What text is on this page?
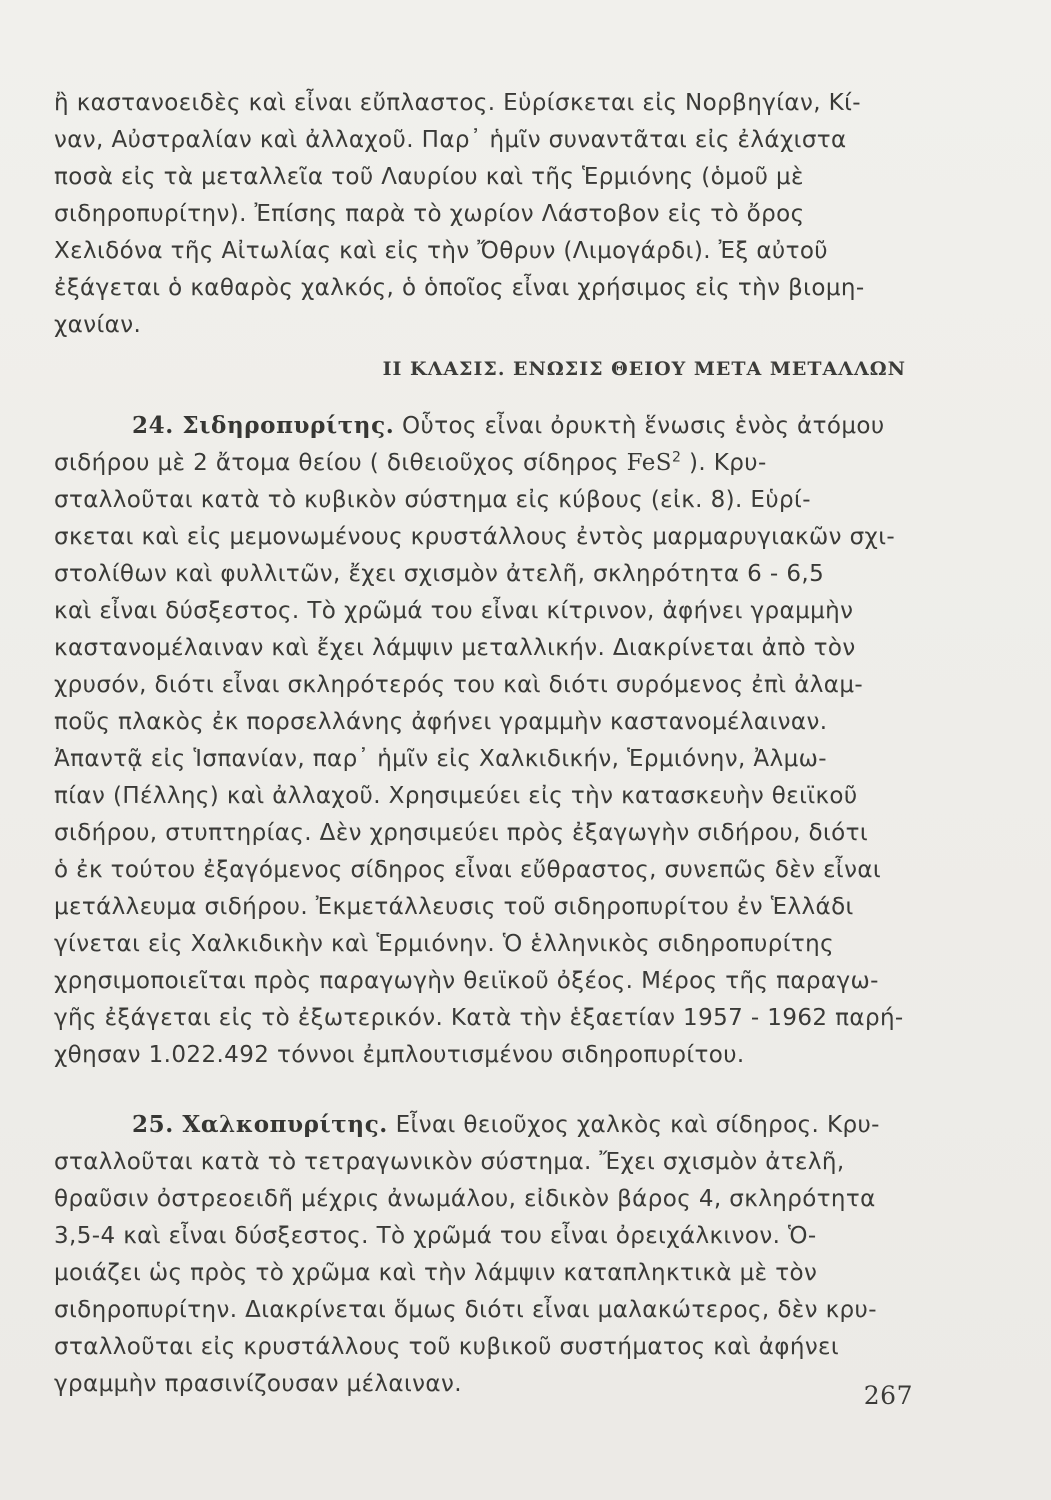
ἢ καστανοειδὲς καὶ εἶναι εὔπλαστος. Εὑρίσκεται εἰς Νορβηγίαν, Κί-
ναν, Αὐστραλίαν καὶ ἀλλαχοῦ. Παρ᾽ ἡμῖν συναντᾶται εἰς ἐλάχιστα
ποσὰ εἰς τὰ μεταλλεῖα τοῦ Λαυρίου καὶ τῆς Ἑρμιόνης (ὁμοῦ μὲ
σιδηροπυρίτην). Ἐπίσης παρὰ τὸ χωρίον Λάστοβον εἰς τὸ ὄρος
Χελιδόνα τῆς Αἰτωλίας καὶ εἰς τὴν Ὄθρυν (Λιμογάρδι). Ἐξ αὐτοῦ
ἐξάγεται ὁ καθαρὸς χαλκός, ὁ ὁποῖος εἶναι χρήσιμος εἰς τὴν βιομη-
χανίαν.
II ΚΛΑΣΙΣ. ΕΝΩΣΙΣ ΘΕΙΟΥ ΜΕΤΑ ΜΕΤΑΛΛΩΝ
24. Σιδηροπυρίτης. Οὗτος εἶναι ὀρυκτὴ ἕνωσις ἑνὸς ἀτόμου
σιδήρου μὲ 2 ἄτομα θείου ( διθειοῦχος σίδηρος FeS$^2$ ). Κρυ-
σταλλοῦται κατὰ τὸ κυβικὸν σύστημα εἰς κύβους (εἰκ. 8). Εὑρί-
σκεται καὶ εἰς μεμονωμένους κρυστάλλους ἐντὸς μαρμαρυγιακῶν σχι-
στολίθων καὶ φυλλιτῶν, ἔχει σχισμὸν ἀτελῆ, σκληρότητα 6 - 6,5
καὶ εἶναι δύσξεστος. Τὸ χρῶμά του εἶναι κίτρινον, ἀφήνει γραμμὴν
καστανομέλαιναν καὶ ἔχει λάμψιν μεταλλικήν. Διακρίνεται ἀπὸ τὸν
χρυσόν, διότι εἶναι σκληρότερός του καὶ διότι συρόμενος ἐπὶ ἀλαμ-
ποῦς πλακὸς ἐκ πορσελλάνης ἀφήνει γραμμὴν καστανομέλαιναν.
Ἀπαντᾷ εἰς Ἱσπανίαν, παρ᾽ ἡμῖν εἰς Χαλκιδικήν, Ἑρμιόνην, Ἀλμω-
πίαν (Πέλλης) καὶ ἀλλαχοῦ. Χρησιμεύει εἰς τὴν κατασκευὴν θειϊκοῦ
σιδήρου, στυπτηρίας. Δὲν χρησιμεύει πρὸς ἐξαγωγὴν σιδήρου, διότι
ὁ ἐκ τούτου ἐξαγόμενος σίδηρος εἶναι εὔθραστος, συνεπῶς δὲν εἶναι
μετάλλευμα σιδήρου. Ἐκμετάλλευσις τοῦ σιδηροπυρίτου ἐν Ἑλλάδι
γίνεται εἰς Χαλκιδικὴν καὶ Ἑρμιόνην. Ὁ ἑλληνικὸς σιδηροπυρίτης
χρησιμοποιεῖται πρὸς παραγωγὴν θειϊκοῦ ὀξέος. Μέρος τῆς παραγω-
γῆς ἐξάγεται εἰς τὸ ἐξωτερικόν. Κατὰ τὴν ἑξαετίαν 1957 - 1962 παρή-
χθησαν 1.022.492 τόννοι ἐμπλουτισμένου σιδηροπυρίτου.
25. Χαλκοπυρίτης. Εἶναι θειοῦχος χαλκὸς καὶ σίδηρος. Κρυ-
σταλλοῦται κατὰ τὸ τετραγωνικὸν σύστημα. Ἔχει σχισμὸν ἀτελῆ,
θραῦσιν ὀστρεοειδῆ μέχρις ἀνωμάλου, εἰδικὸν βάρος 4, σκληρότητα
3,5-4 καὶ εἶναι δύσξεστος. Τὸ χρῶμά του εἶναι ὀρειχάλκινον. Ὁ-
μοιάζει ὡς πρὸς τὸ χρῶμα καὶ τὴν λάμψιν καταπληκτικὰ μὲ τὸν
σιδηροπυρίτην. Διακρίνεται ὅμως διότι εἶναι μαλακώτερος, δὲν κρυ-
σταλλοῦται εἰς κρυστάλλους τοῦ κυβικοῦ συστήματος καὶ ἀφήνει
γραμμὴν πρασινίζουσαν μέλαιναν.	267
